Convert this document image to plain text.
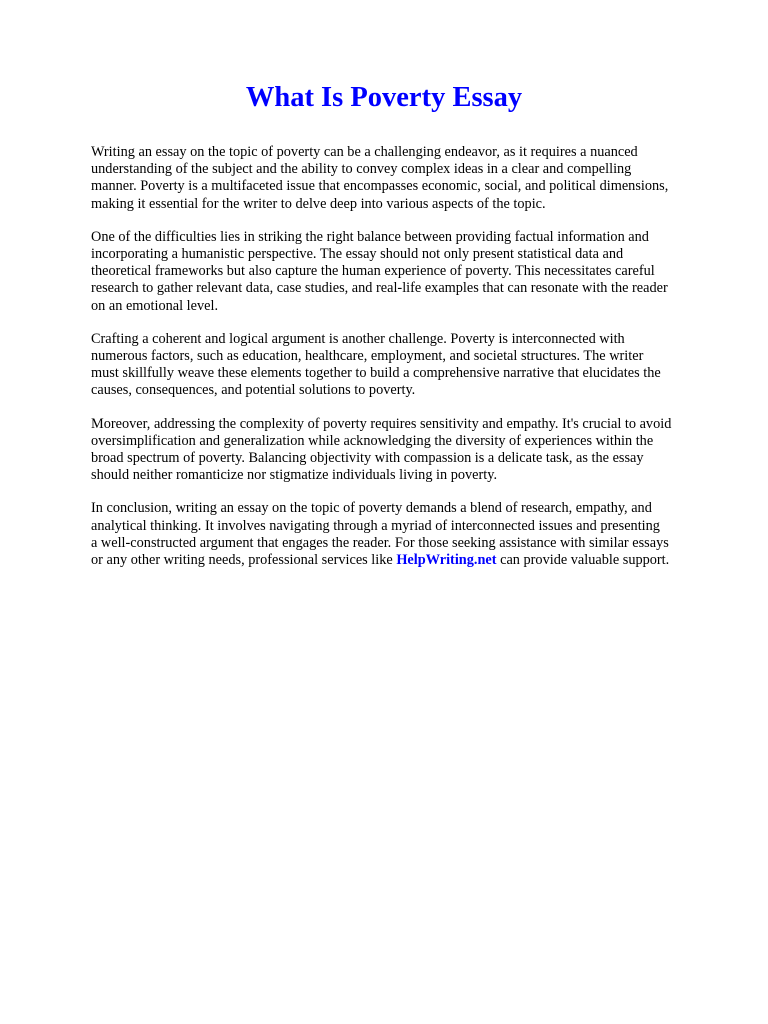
What Is Poverty Essay

Writing an essay on the topic of poverty can be a challenging endeavor, as it requires a nuanced
understanding of the subject and the ability to convey complex ideas in a clear and compelling
manner. Poverty is a multifaceted issue that encompasses economic, social, and political dimensions,
making it essential for the writer to delve deep into various aspects of the topic.

One of the difficulties lies in striking the right balance between providing factual information and
incorporating a humanistic perspective. The essay should not only present statistical data and
theoretical frameworks but also capture the human experience of poverty. This necessitates careful
research to gather relevant data, case studies, and real-life examples that can resonate with the reader
on an emotional level.

Crafting a coherent and logical argument is another challenge. Poverty is interconnected with
numerous factors, such as education, healthcare, employment, and societal structures. The writer
must skillfully weave these elements together to build a comprehensive narrative that elucidates the
causes, consequences, and potential solutions to poverty.

Moreover, addressing the complexity of poverty requires sensitivity and empathy. It's crucial to avoid
oversimplification and generalization while acknowledging the diversity of experiences within the
broad spectrum of poverty. Balancing objectivity with compassion is a delicate task, as the essay
should neither romanticize nor stigmatize individuals living in poverty.

In conclusion, writing an essay on the topic of poverty demands a blend of research, empathy, and
analytical thinking. It involves navigating through a myriad of interconnected issues and presenting
a well-constructed argument that engages the reader. For those seeking assistance with similar essays
or any other writing needs, professional services like HelpWriting.net can provide valuable support.
